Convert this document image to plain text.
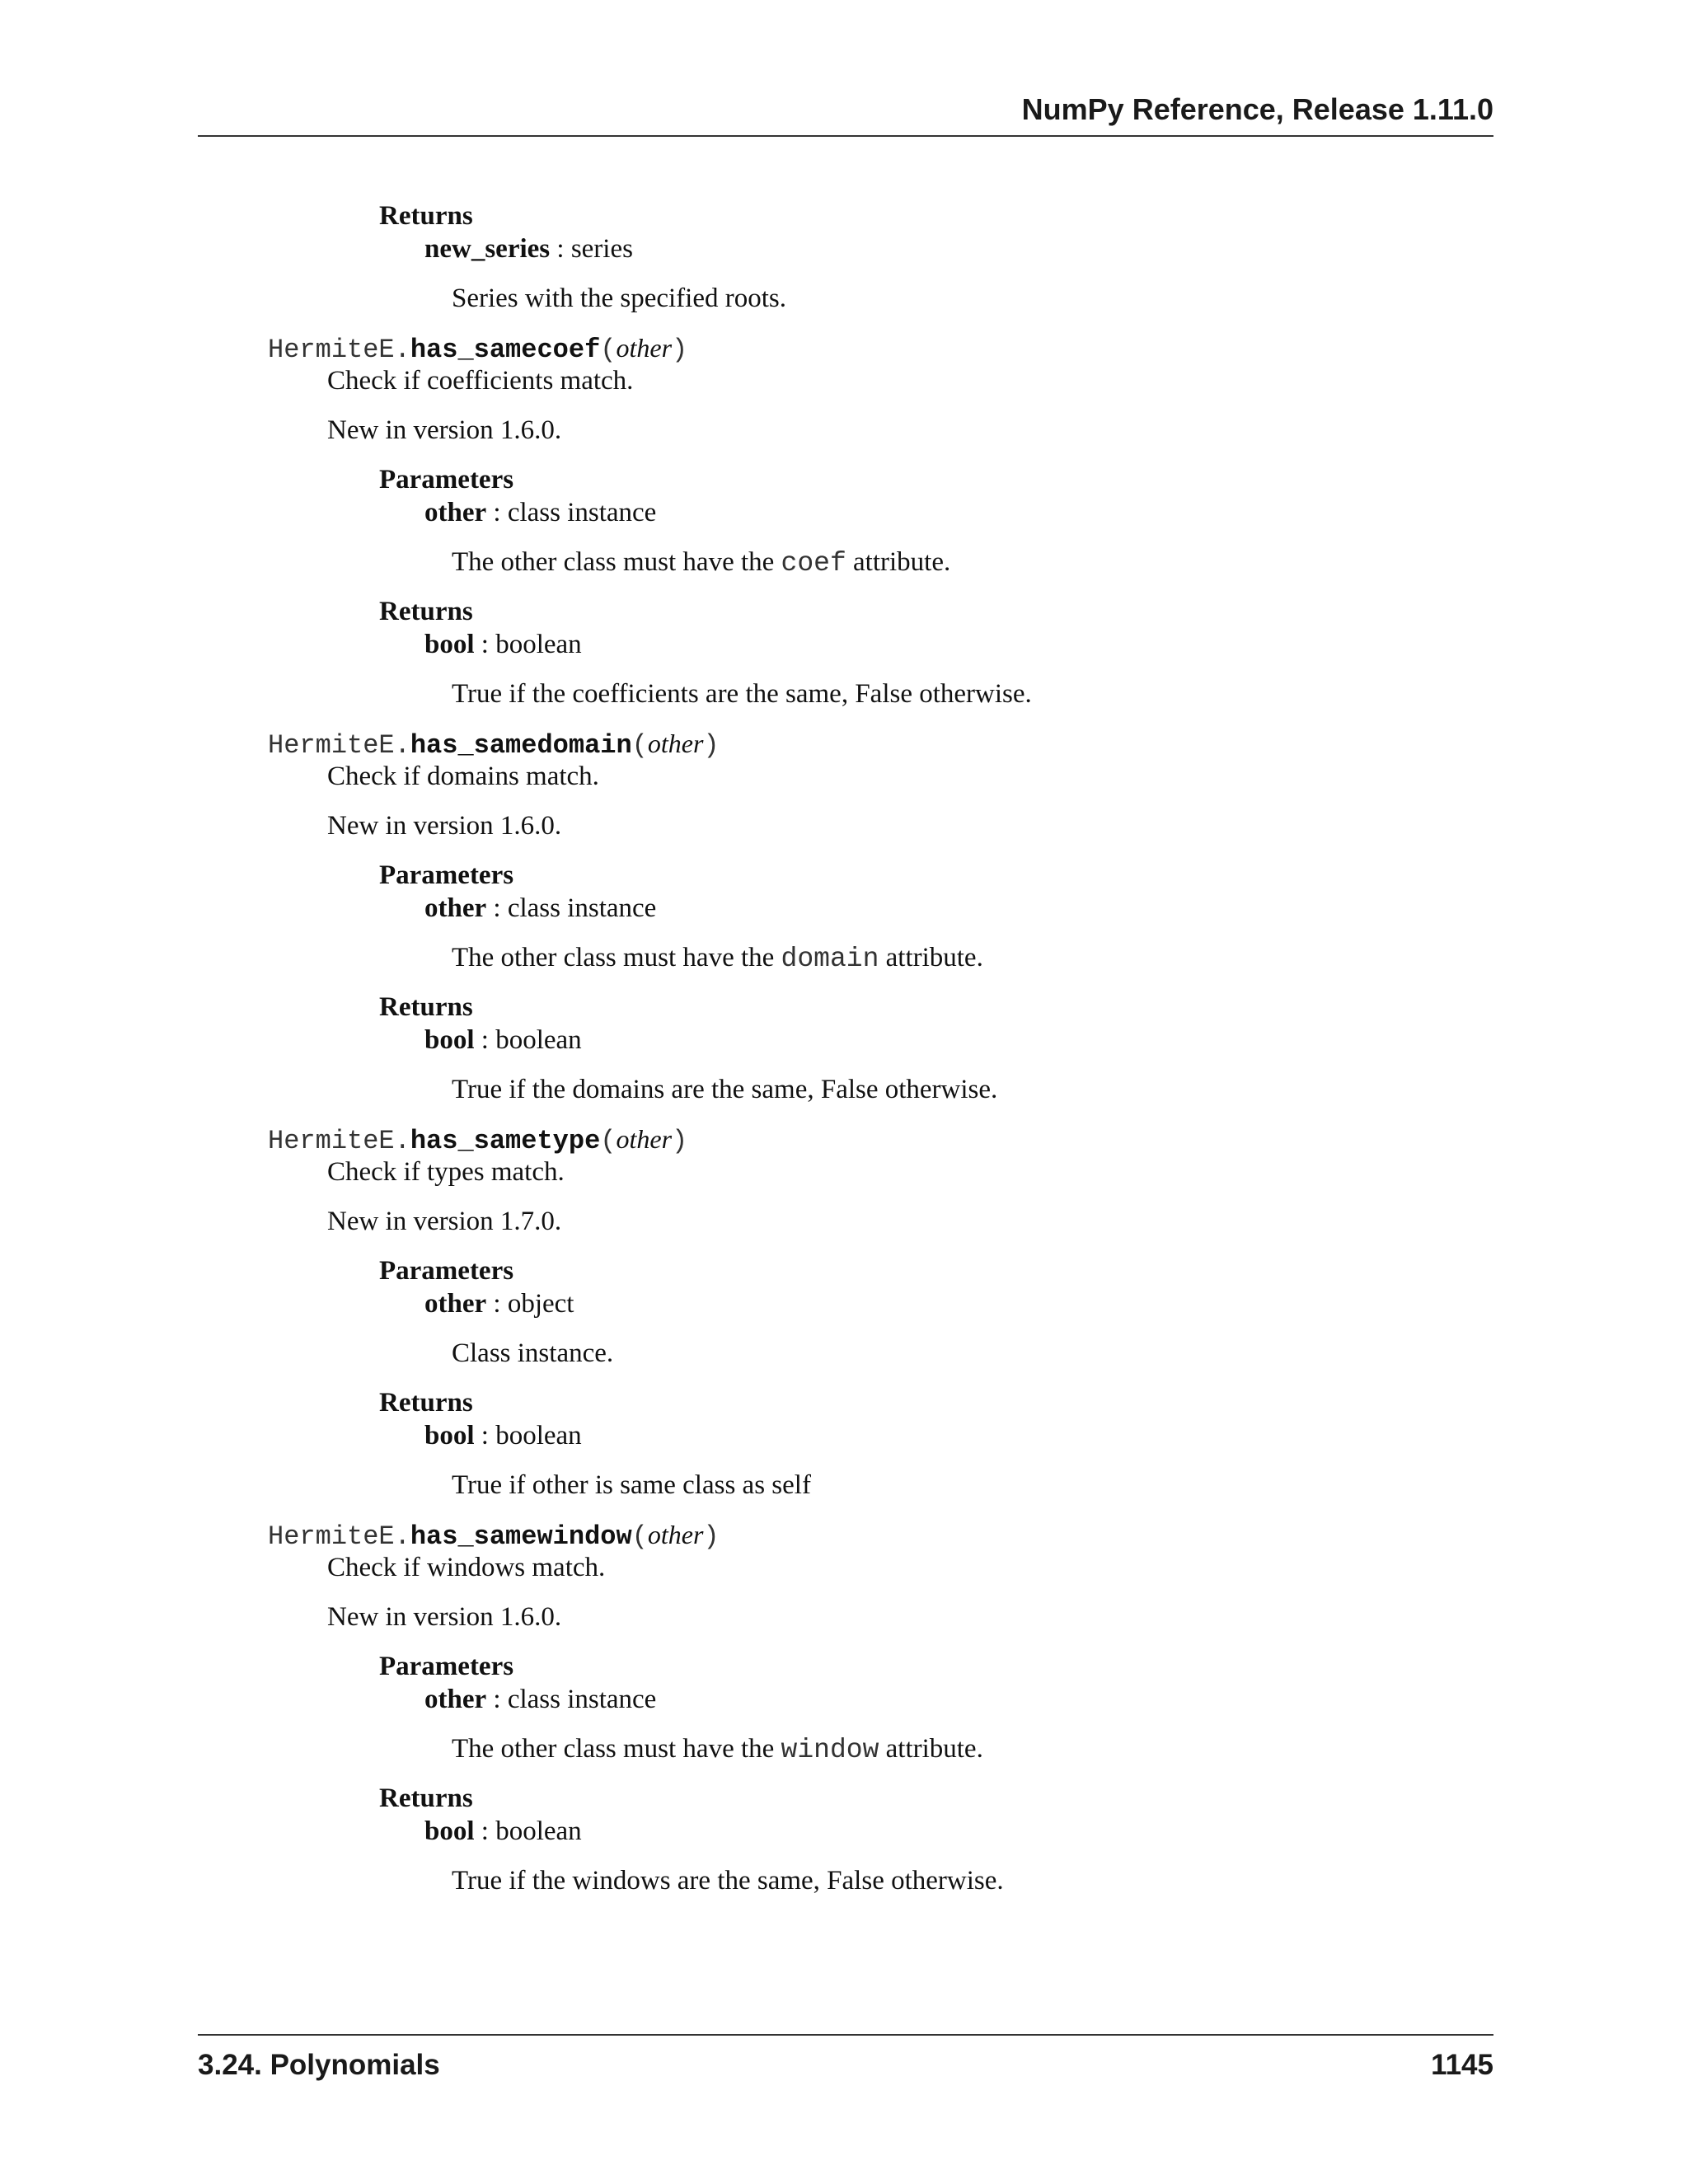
NumPy Reference, Release 1.11.0
Returns
new_series : series
Series with the specified roots.
HermiteE.has_samecoef(other)
Check if coefficients match.
New in version 1.6.0.
Parameters
other : class instance
The other class must have the coef attribute.
Returns
bool : boolean
True if the coefficients are the same, False otherwise.
HermiteE.has_samedomain(other)
Check if domains match.
New in version 1.6.0.
Parameters
other : class instance
The other class must have the domain attribute.
Returns
bool : boolean
True if the domains are the same, False otherwise.
HermiteE.has_sametype(other)
Check if types match.
New in version 1.7.0.
Parameters
other : object
Class instance.
Returns
bool : boolean
True if other is same class as self
HermiteE.has_samewindow(other)
Check if windows match.
New in version 1.6.0.
Parameters
other : class instance
The other class must have the window attribute.
Returns
bool : boolean
True if the windows are the same, False otherwise.
3.24. Polynomials	1145
